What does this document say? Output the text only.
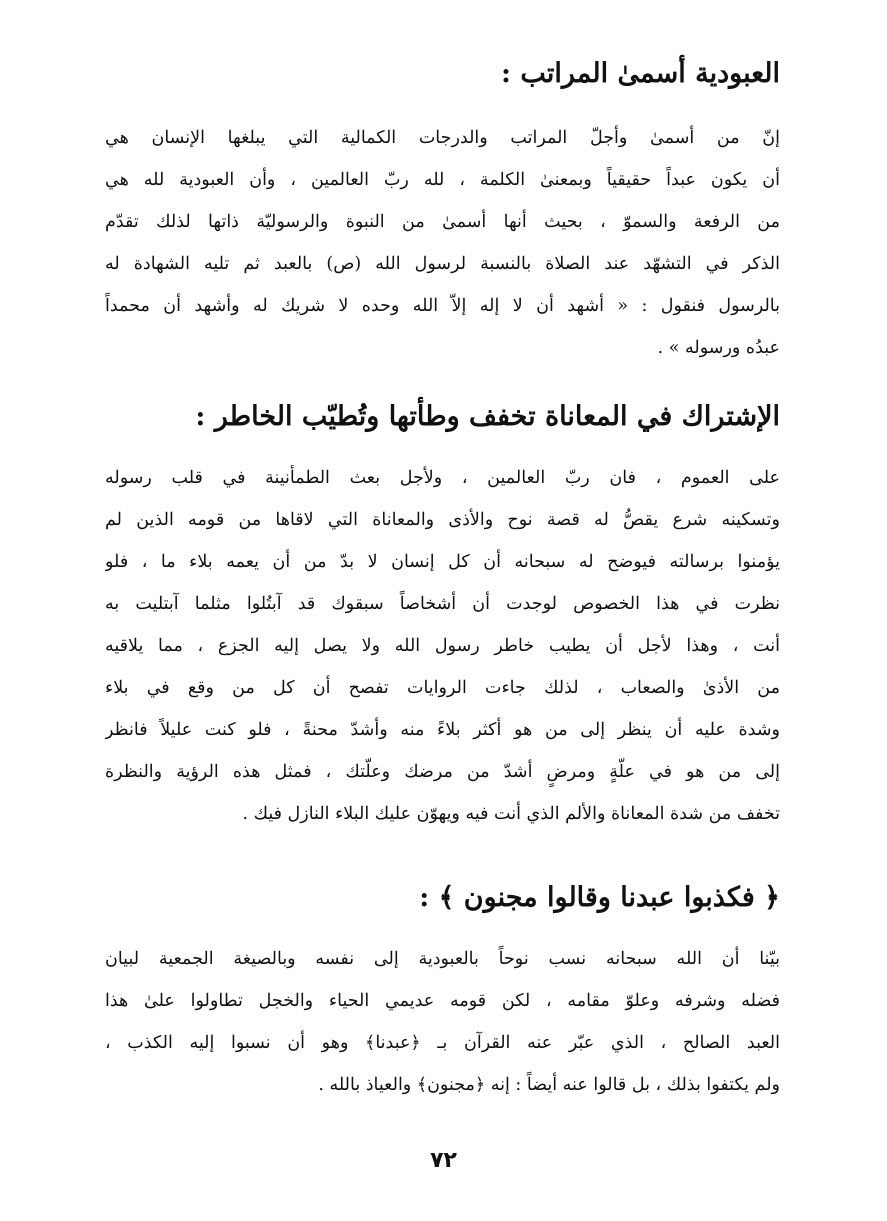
العبودية أسمىٰ المراتب :
إنّ من أسمىٰ وأجلّ المراتب والدرجات الكمالية التي يبلغها الإنسان هي
أن يكون عبداً حقيقياً وبمعنىٰ الكلمة ، لله ربّ العالمين ، وأن العبودية لله هي
من الرفعة والسموّ ، بحيث أنها أسمىٰ من النبوة والرسوليّة ذاتها لذلك تقدّم
الذكر في التشهّد عند الصلاة بالنسبة لرسول الله (ص) بالعبد ثم تليه الشهادة له
بالرسول فنقول : « أشهد أن لا إله إلاّ الله وحده لا شريك له وأشهد أن محمداً
عبدُه ورسوله » .
الإشتراك في المعاناة تخفف وطأتها وتُطيّب الخاطر :
على العموم ، فان ربّ العالمين ، ولأجل بعث الطمأنينة في قلب رسوله
وتسكينه شرع يقصُّ له قصة نوح والأذى والمعاناة التي لاقاها من قومه الذين لم
يؤمنوا برسالته فيوضح له سبحانه أن كل إنسان لا بدّ من أن يعمه بلاء ما ، فلو
نظرت في هذا الخصوص لوجدت أن أشخاصاً سبقوك قد آبتُلوا مثلما آبتليت به
أنت ، وهذا لأجل أن يطيب خاطر رسول الله ولا يصل إليه الجزع ، مما يلاقيه
من الأذىٰ والصعاب ، لذلك جاءت الروايات تفصح أن كل من وقع في بلاء
وشدة عليه أن ينظر إلى من هو أكثر بلاءً منه وأشدّ محنةً ، فلو كنت عليلاً فانظر
إلى من هو في علّةٍ ومرضٍ أشدّ من مرضك وعلّتك ، فمثل هذه الرؤية والنظرة
تخفف من شدة المعاناة والألم الذي أنت فيه ويهوّن عليك البلاء النازل فيك .
﴿ فكذبوا عبدنا وقالوا مجنون ﴾ :
بيّنا أن الله سبحانه نسب نوحاً بالعبودية إلى نفسه وبالصيغة الجمعية لبيان
فضله وشرفه وعلوّ مقامه ، لكن قومه عديمي الحياء والخجل تطاولوا علىٰ هذا
العبد الصالح ، الذي عبّر عنه القرآن بـ ﴿عبدنا﴾ وهو أن نسبوا إليه الكذب ،
ولم يكتفوا بذلك ، بل قالوا عنه أيضاً : إنه ﴿مجنون﴾ والعياذ بالله .
٧٢
